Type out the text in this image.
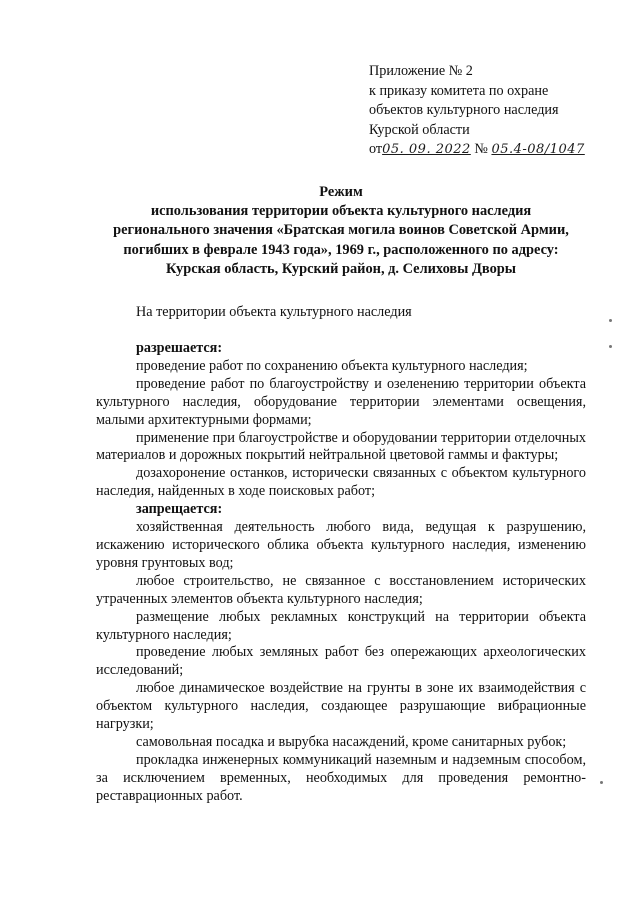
Приложение № 2
к приказу комитета по охране
объектов культурного наследия
Курской области
от05. 09. 2022 № 05.4-08/1047
Режим
использования территории объекта культурного наследия
регионального значения «Братская могила воинов Советской Армии,
погибших в феврале 1943 года», 1969 г., расположенного по адресу:
Курская область, Курский район, д. Селиховы Дворы
На территории объекта культурного наследия
разрешается:
проведение работ по сохранению объекта культурного наследия;
проведение работ по благоустройству и озеленению территории объекта культурного наследия, оборудование территории элементами освещения, малыми архитектурными формами;
применение при благоустройстве и оборудовании территории отделочных материалов и дорожных покрытий нейтральной цветовой гаммы и фактуры;
дозахоронение останков, исторически связанных с объектом культурного наследия, найденных в ходе поисковых работ;
запрещается:
хозяйственная деятельность любого вида, ведущая к разрушению, искажению исторического облика объекта культурного наследия, изменению уровня грунтовых вод;
любое строительство, не связанное с восстановлением исторических утраченных элементов объекта культурного наследия;
размещение любых рекламных конструкций на территории объекта культурного наследия;
проведение любых земляных работ без опережающих археологических исследований;
любое динамическое воздействие на грунты в зоне их взаимодействия с объектом культурного наследия, создающее разрушающие вибрационные нагрузки;
самовольная посадка и вырубка насаждений, кроме санитарных рубок;
прокладка инженерных коммуникаций наземным и надземным способом, за исключением временных, необходимых для проведения ремонтно-реставрационных работ.
